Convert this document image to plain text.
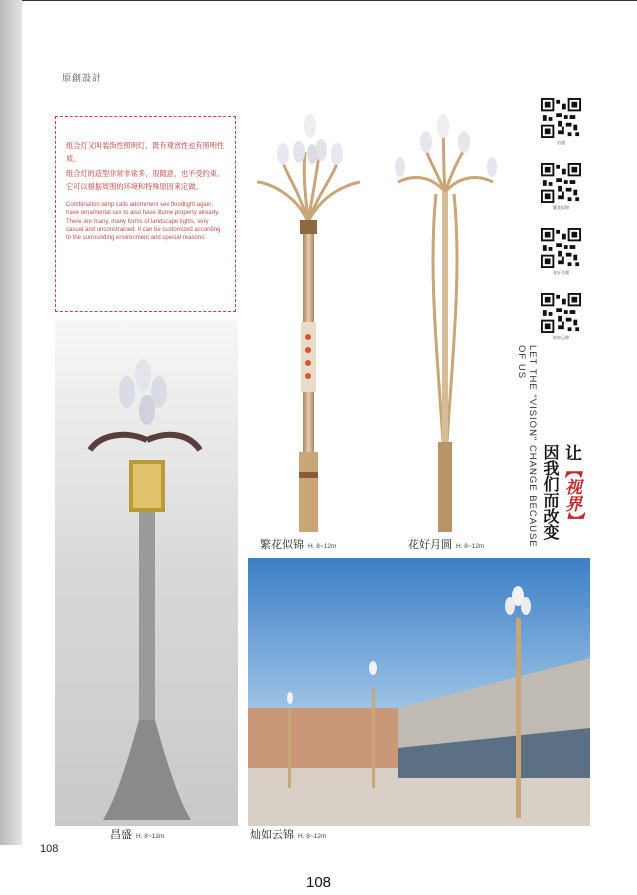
原創設計

组合灯又叫装饰性照明灯，既有观赏性也有照明性质。

组合灯的造型非常非常多，很随意，也不受约束。它可以根据周围的环境和特殊原因来定做。

Combination lamp calls adornment sex floodlight again, have ornamental sex to also have illume property already.
There are many, many forms of landscape lights, very casual and unconstrained. It can be customized according to the surrounding environment and special reasons.
昌盛
繁花似锦
花好月圆
灿如云锦
LET THE "VISION" CHANGE BECAUSE OF US
让【视界】
因我们而改变
繁花似锦 H. 8~12m	花好月圆 H. 8~12m
昌盛 H. 8~12m	灿如云锦 H. 8~12m
108
108
